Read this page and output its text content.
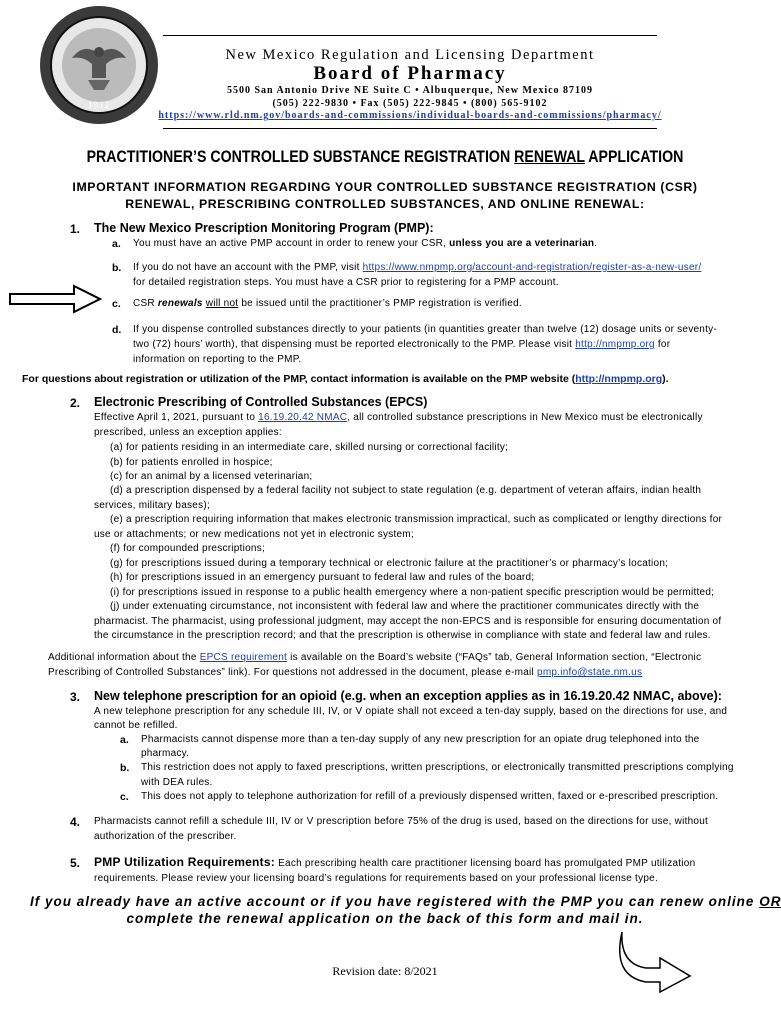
1912
New Mexico Regulation and Licensing Department
Board of Pharmacy
5500 San Antonio Drive NE Suite C • Albuquerque, New Mexico 87109
(505) 222-9830 • Fax (505) 222-9845 • (800) 565-9102
https://www.rld.nm.gov/boards-and-commissions/individual-boards-and-commissions/pharmacy/
PRACTITIONER’S CONTROLLED SUBSTANCE REGISTRATION RENEWAL APPLICATION
IMPORTANT INFORMATION REGARDING YOUR CONTROLLED SUBSTANCE REGISTRATION (CSR)
RENEWAL, PRESCRIBING CONTROLLED SUBSTANCES, AND ONLINE RENEWAL:
1. The New Mexico Prescription Monitoring Program (PMP):
a. You must have an active PMP account in order to renew your CSR, unless you are a veterinarian.
b. If you do not have an account with the PMP, visit https://www.nmpmp.org/account-and-registration/register-as-a-new-user/
for detailed registration steps. You must have a CSR prior to registering for a PMP account.
c. CSR renewals will not be issued until the practitioner’s PMP registration is verified.
d. If you dispense controlled substances directly to your patients (in quantities greater than twelve (12) dosage units or seventy-
two (72) hours’ worth), that dispensing must be reported electronically to the PMP. Please visit http://nmpmp.org for
information on reporting to the PMP.
For questions about registration or utilization of the PMP, contact information is available on the PMP website (http://nmpmp.org).
2. Electronic Prescribing of Controlled Substances (EPCS)
Effective April 1, 2021, pursuant to 16.19.20.42 NMAC, all controlled substance prescriptions in New Mexico must be electronically
prescribed, unless an exception applies:
(a) for patients residing in an intermediate care, skilled nursing or correctional facility;
(b) for patients enrolled in hospice;
(c) for an animal by a licensed veterinarian;
(d) a prescription dispensed by a federal facility not subject to state regulation (e.g. department of veteran affairs, indian health
services, military bases);
(e) a prescription requiring information that makes electronic transmission impractical, such as complicated or lengthy directions for
use or attachments; or new medications not yet in electronic system;
(f) for compounded prescriptions;
(g) for prescriptions issued during a temporary technical or electronic failure at the practitioner’s or pharmacy’s location;
(h) for prescriptions issued in an emergency pursuant to federal law and rules of the board;
(i) for prescriptions issued in response to a public health emergency where a non-patient specific prescription would be permitted;
(j) under extenuating circumstance, not inconsistent with federal law and where the practitioner communicates directly with the
pharmacist. The pharmacist, using professional judgment, may accept the non-EPCS and is responsible for ensuring documentation of
the circumstance in the prescription record; and that the prescription is otherwise in compliance with state and federal law and rules.
Additional information about the EPCS requirement is available on the Board’s website (“FAQs” tab, General Information section, “Electronic
Prescribing of Controlled Substances” link). For questions not addressed in the document, please e-mail pmp.info@state.nm.us
3. New telephone prescription for an opioid (e.g. when an exception applies as in 16.19.20.42 NMAC, above):
A new telephone prescription for any schedule III, IV, or V opiate shall not exceed a ten-day supply, based on the directions for use, and
cannot be refilled.
a. Pharmacists cannot dispense more than a ten-day supply of any new prescription for an opiate drug telephoned into the
pharmacy.
b. This restriction does not apply to faxed prescriptions, written prescriptions, or electronically transmitted prescriptions complying
with DEA rules.
c. This does not apply to telephone authorization for refill of a previously dispensed written, faxed or e-prescribed prescription.
4. Pharmacists cannot refill a schedule III, IV or V prescription before 75% of the drug is used, based on the directions for use, without
authorization of the prescriber.
5. PMP Utilization Requirements: Each prescribing health care practitioner licensing board has promulgated PMP utilization
requirements. Please review your licensing board’s regulations for requirements based on your professional license type.
If you already have an active account or if you have registered with the PMP you can renew online OR
complete the renewal application on the back of this form and mail in.
Revision date: 8/2021
